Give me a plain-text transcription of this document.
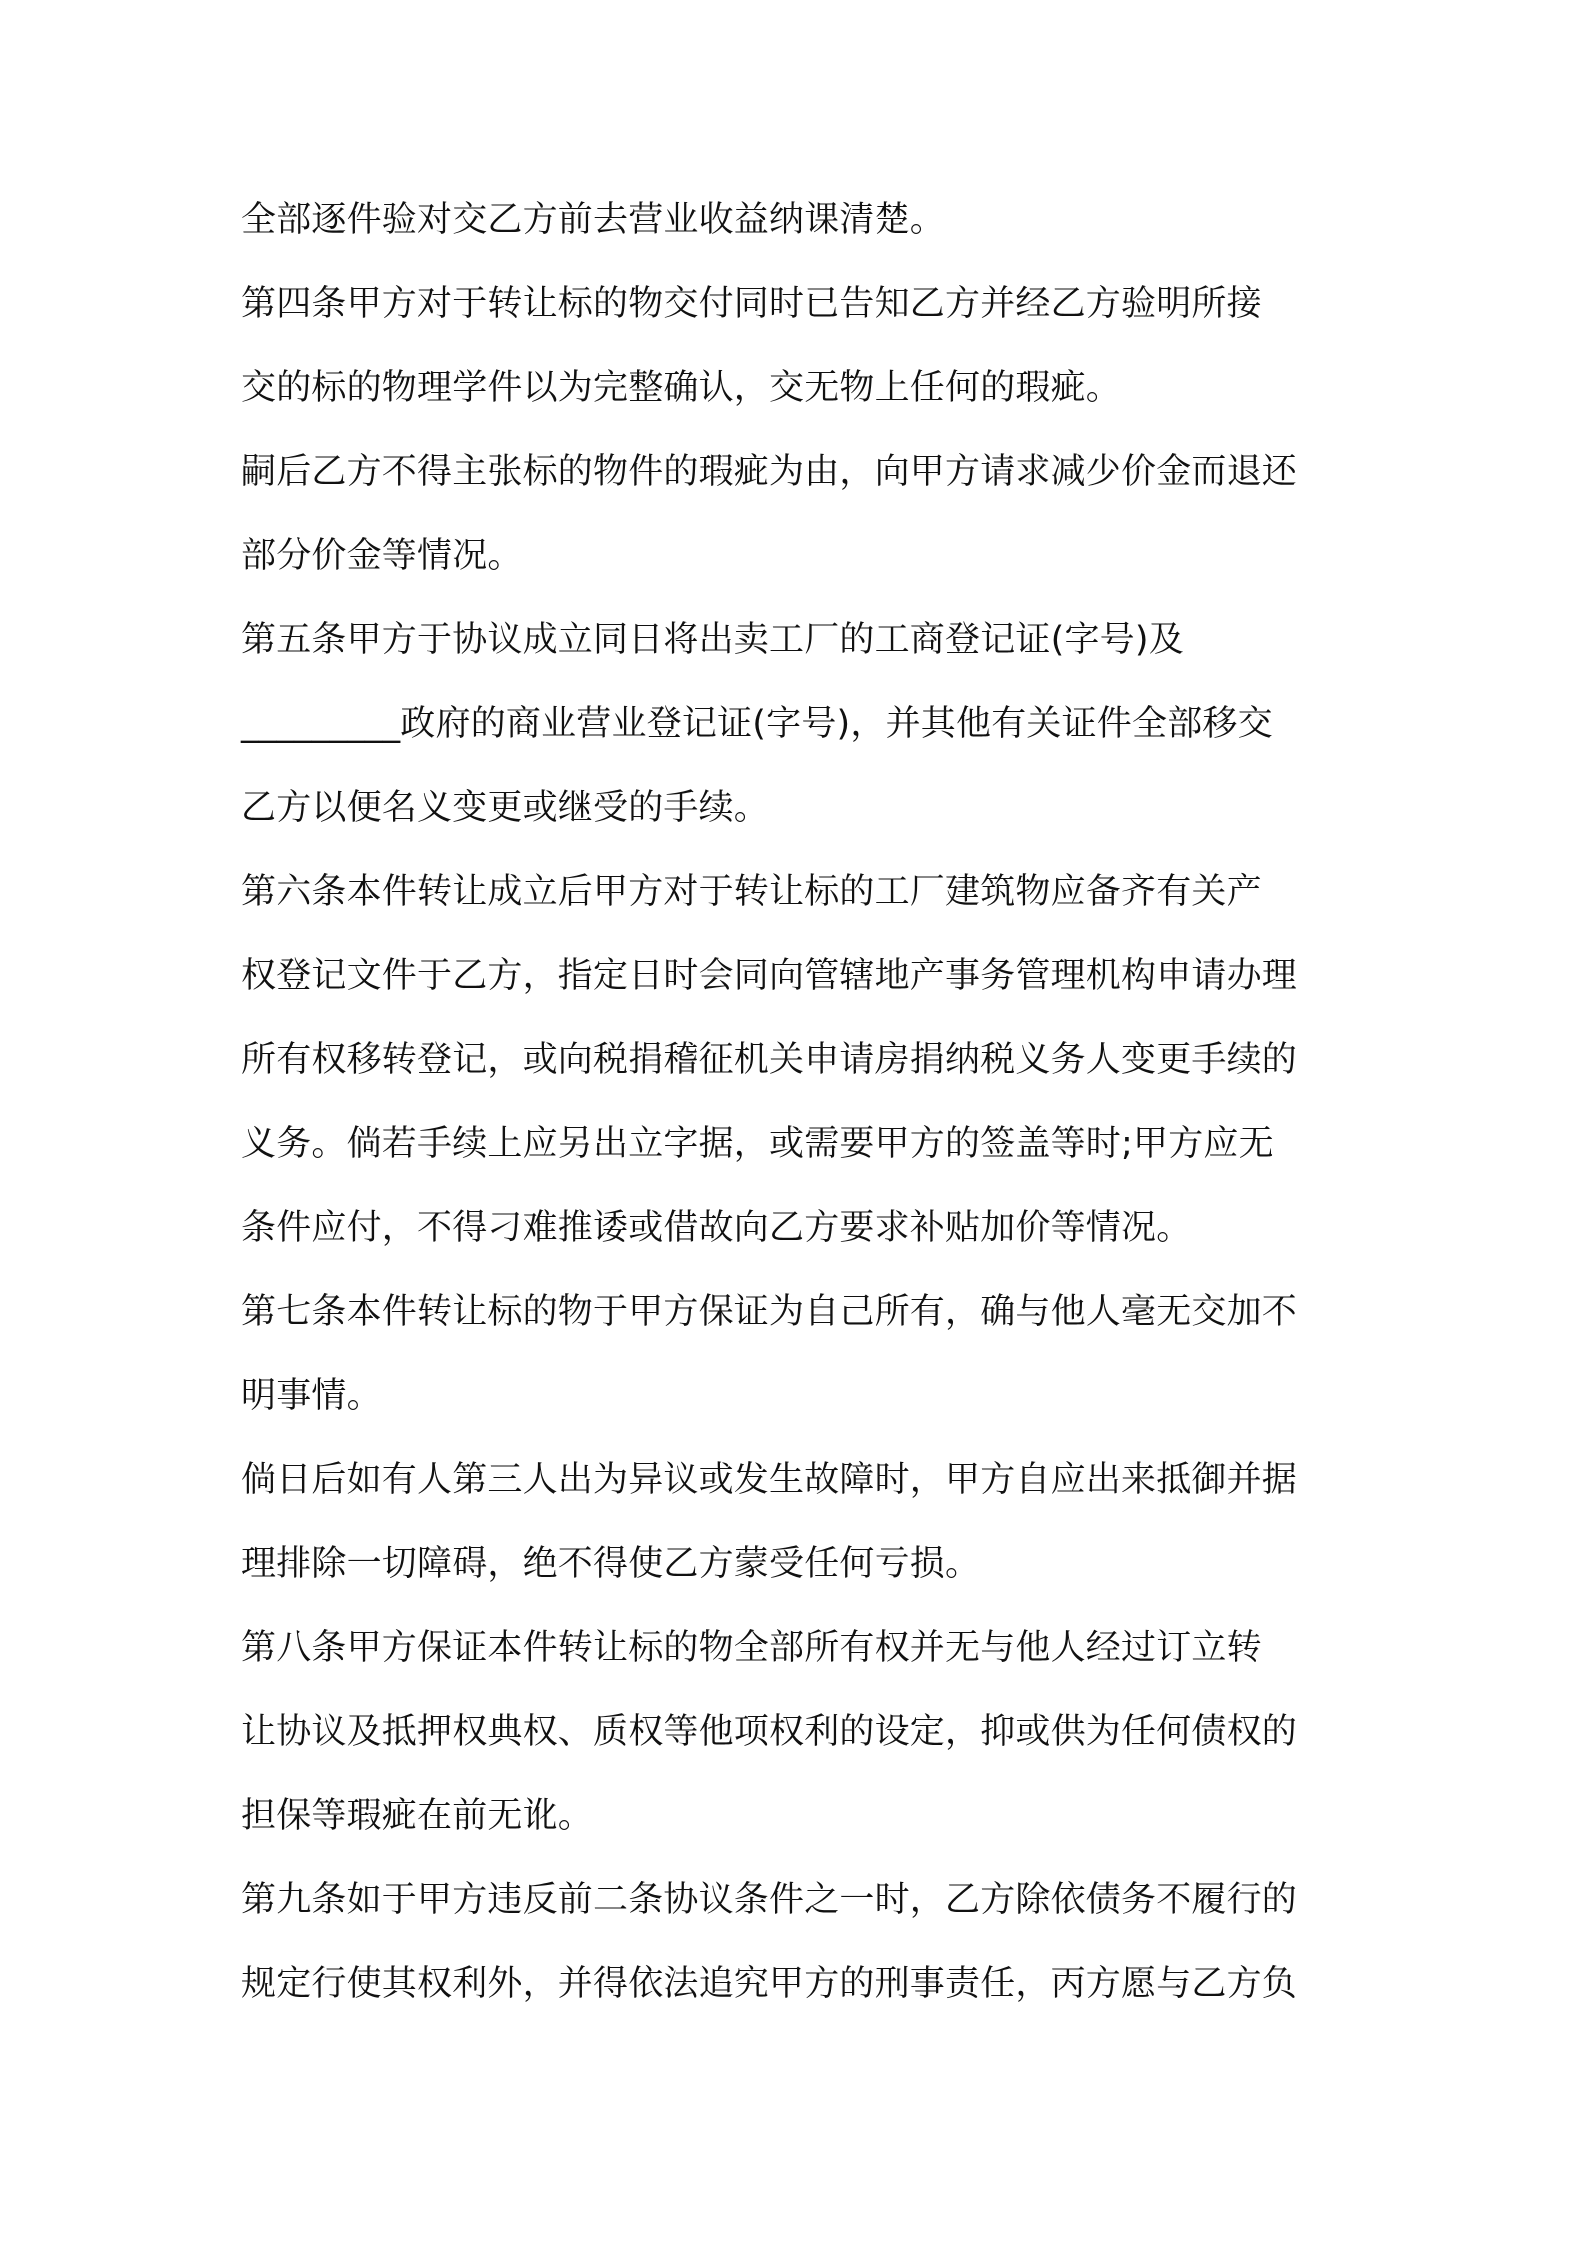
全部逐件验对交乙方前去营业收益纳课清楚。
第四条甲方对于转让标的物交付同时已告知乙方并经乙方验明所接
交的标的物理学件以为完整确认，交无物上任何的瑕疵。
嗣后乙方不得主张标的物件的瑕疵为由，向甲方请求减少价金而退还
部分价金等情况。
第五条甲方于协议成立同日将出卖工厂的工商登记证(字号)及
_________政府的商业营业登记证(字号)，并其他有关证件全部移交
乙方以便名义变更或继受的手续。
第六条本件转让成立后甲方对于转让标的工厂建筑物应备齐有关产
权登记文件于乙方，指定日时会同向管辖地产事务管理机构申请办理
所有权移转登记，或向税捐稽征机关申请房捐纳税义务人变更手续的
义务。倘若手续上应另出立字据，或需要甲方的签盖等时;甲方应无
条件应付，不得刁难推诿或借故向乙方要求补贴加价等情况。
第七条本件转让标的物于甲方保证为自己所有，确与他人毫无交加不
明事情。
倘日后如有人第三人出为异议或发生故障时，甲方自应出来抵御并据
理排除一切障碍，绝不得使乙方蒙受任何亏损。
第八条甲方保证本件转让标的物全部所有权并无与他人经过订立转
让协议及抵押权典权、质权等他项权利的设定，抑或供为任何债权的
担保等瑕疵在前无讹。
第九条如于甲方违反前二条协议条件之一时，乙方除依债务不履行的
规定行使其权利外，并得依法追究甲方的刑事责任，丙方愿与乙方负
